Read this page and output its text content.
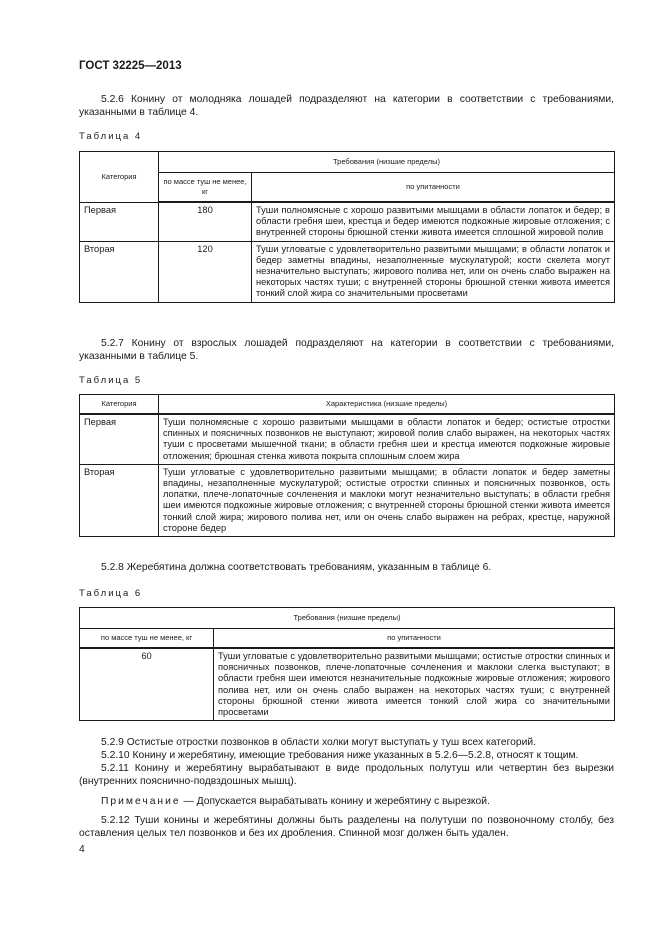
ГОСТ 32225—2013

5.2.6 Конину от молодняка лошадей подразделяют на категории в соответствии с требованиями, указанными в таблице 4.

Таблица 4
Категория	Требования (низшие пределы)	
	по массе туш не менее, кг	по упитанности
Первая	180	Туши полномясные с хорошо развитыми мышцами в области лопаток и бедер; в области гребня шеи, крестца и бедер имеются подкожные жировые отложения; с внутренней стороны брюшной стенки живота имеется сплошной жировой полив
Вторая	120	Туши угловатые с удовлетворительно развитыми мышцами; в области лопаток и бедер заметны впадины, незаполненные мускулатурой; кости скелета могут незначительно выступать; жирового полива нет, или он очень слабо выражен на некоторых частях туши; с внутренней стороны брюшной стенки живота имеется тонкий слой жира со значительными просветами

5.2.7 Конину от взрослых лошадей подразделяют на категории в соответствии с требованиями, указанными в таблице 5.

Таблица 5
Категория	Характеристика (низшие пределы)
Первая	Туши полномясные с хорошо развитыми мышцами в области лопаток и бедер; остистые отростки спинных и поясничных позвонков не выступают; жировой полив слабо выражен, на некоторых частях туши с просветами мышечной ткани; в области гребня шеи и крестца имеются подкожные жировые отложения; брюшная стенка живота покрыта сплошным слоем жира
Вторая	Туши угловатые с удовлетворительно развитыми мышцами; в области лопаток и бедер заметны впадины, незаполненные мускулатурой; остистые отростки спинных и поясничных позвонков, ость лопатки, плече-лопаточные сочленения и маклоки могут незначительно выступать; в области гребня шеи имеются подкожные жировые отложения; с внутренней стороны брюшной стенки живота имеется тонкий слой жира; жирового полива нет, или он очень слабо выражен на ребрах, крестце, наружной стороне бедер

5.2.8 Жеребятина должна соответствовать требованиям, указанным в таблице 6.

Таблица 6
Требования (низшие пределы)	
по массе туш не менее, кг	по упитанности
60	Туши угловатые с удовлетворительно развитыми мышцами; остистые отростки спинных и поясничных позвонков, плече-лопаточные сочленения и маклоки слегка выступают; в области гребня шеи имеются незначительные подкожные жировые отложения; жирового полива нет, или он очень слабо выражен на некоторых частях туши; с внутренней стороны брюшной стенки живота имеется тонкий слой жира со значительными просветами

5.2.9 Остистые отростки позвонков в области холки могут выступать у туш всех категорий.

5.2.10 Конину и жеребятину, имеющие требования ниже указанных в 5.2.6—5.2.8, относят к тощим.

5.2.11 Конину и жеребятину вырабатывают в виде продольных полутуш или четвертин без вырезки (внутренних поясничнo-подвздошных мышц).

Примечание — Допускается вырабатывать конину и жеребятину с вырезкой.

5.2.12 Туши конины и жеребятины должны быть разделены на полутуши по позвоночному столбу, без оставления целых тел позвонков и без их дробления. Спинной мозг должен быть удален.

4
